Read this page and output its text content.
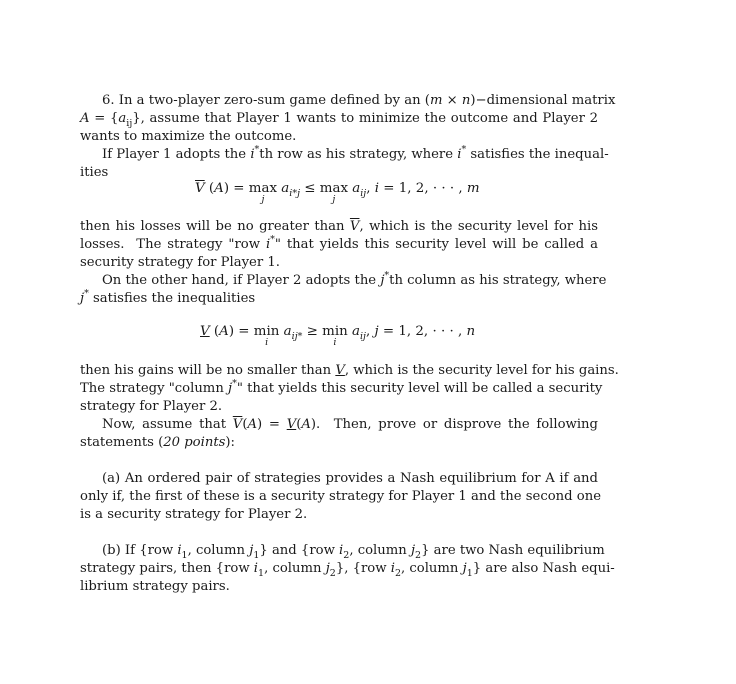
6. In a two-player zero-sum game defined by an (m × n)−dimensional matrix
$A = \{a_{ij}\}$, assume that Player 1 wants to minimize the outcome and Player 2
wants to maximize the outcome.
If Player 1 adopts the i*th row as his strategy, where i* satisfies the inequal-
ities
$\overline{V}$ (A) = max
j
$a_{i*j} \le \max$
j
$a_{ij}$, i = 1, 2, · · · , m
then his losses will be no greater than $\overline{V}$, which is the security level for his
losses.  The strategy "row i*" that yields this security level will be called a
security strategy for Player 1.
On the other hand, if Player 2 adopts the j*th column as his strategy, where
j* satisfies the inequalities
V (A) = min
i
$a_{ij*} \ge \min$
i
$a_{ij}$, j = 1, 2, · · · , n
then his gains will be no smaller than V, which is the security level for his gains.
The strategy "column j*" that yields this security level will be called a security
strategy for Player 2.
Now, assume that $\overline{V}(A) = V(A)$.  Then, prove or disprove the following
statements (20 points):
(a) An ordered pair of strategies provides a Nash equilibrium for A if and
only if, the first of these is a security strategy for Player 1 and the second one
is a security strategy for Player 2.
(b) If {row $i_1$, column $j_1$} and {row $i_2$, column $j_2$} are two Nash equilibrium
strategy pairs, then {row $i_1$, column $j_2$}, {row $i_2$, column $j_1$} are also Nash equi-
librium strategy pairs.
